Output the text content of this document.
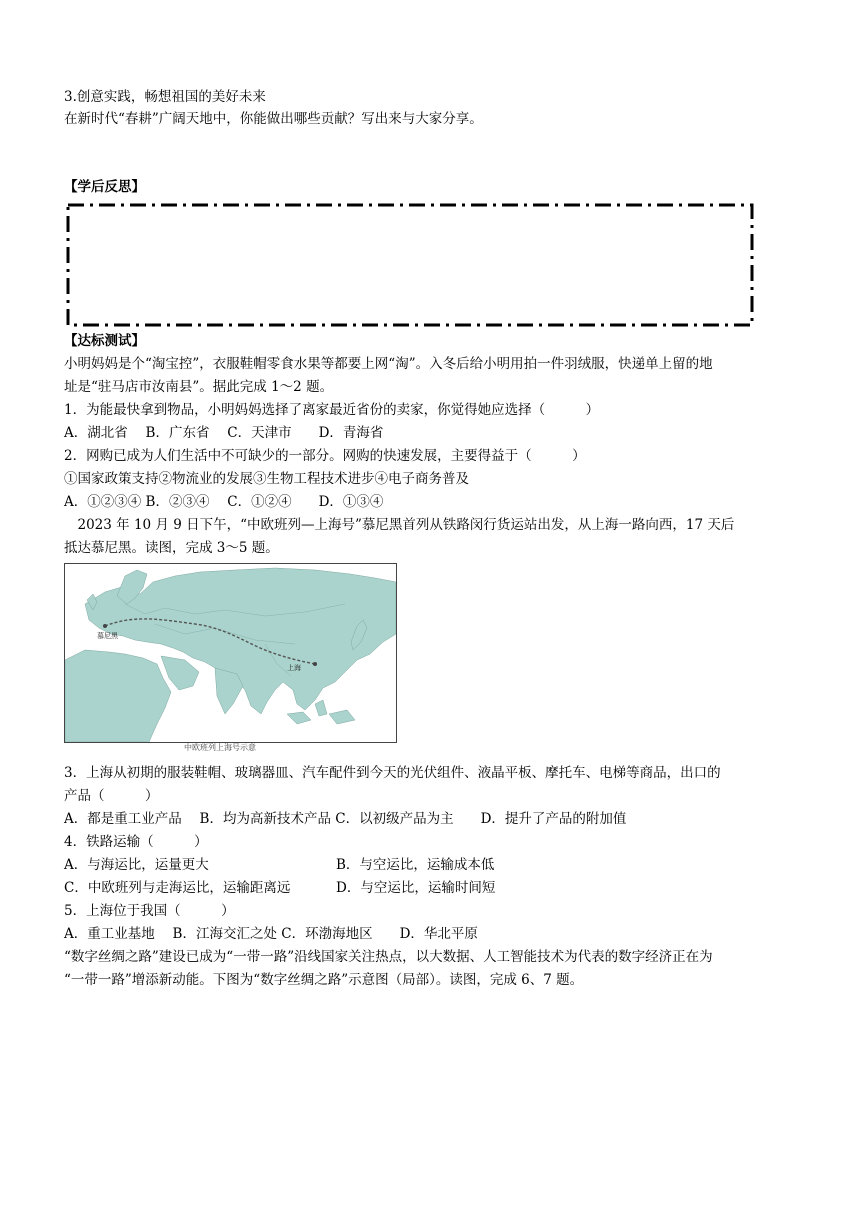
3.创意实践，畅想祖国的美好未来
在新时代“春耕”广阔天地中，你能做出哪些贡献？写出来与大家分享。
【学后反思】
【达标测试】
小明妈妈是个“淘宝控”，衣服鞋帽零食水果等都要上网“淘”。入冬后给小明用拍一件羽绒服，快递单上留的地
址是“驻马店市汝南县”。据此完成 1～2 题。
1．为能最快拿到物品，小明妈妈选择了离家最近省份的卖家，你觉得她应选择（　　　）
A．湖北省　 B．广东省　 C．天津市　　D．青海省
2．网购已成为人们生活中不可缺少的一部分。网购的快速发展，主要得益于（　　　）
①国家政策支持②物流业的发展③生物工程技术进步④电子商务普及
A．①②③④ B．②③④　 C．①②④　　D．①③④
　2023 年 10 月 9 日下午，“中欧班列—上海号”慕尼黑首列从铁路闵行货运站出发，从上海一路向西，17 天后
抵达慕尼黑。读图，完成 3～5 题。
慕尼黑
上海
中欧班列上海号示意
3．上海从初期的服装鞋帽、玻璃器皿、汽车配件到今天的光伏组件、液晶平板、摩托车、电梯等商品，出口的
产品（　　　）
A．都是重工业产品　 B．均为高新技术产品 C．以初级产品为主　　D．提升了产品的附加值
4．铁路运输（　　　）
A．与海运比，运量更大	B．与空运比，运输成本低
C．中欧班列与走海运比，运输距离远	D．与空运比，运输时间短
5．上海位于我国（　　　）
A．重工业基地　 B．江海交汇之处 C．环渤海地区　　D．华北平原
“数字丝绸之路”建设已成为“一带一路”沿线国家关注热点，以大数据、人工智能技术为代表的数字经济正在为
“一带一路”增添新动能。下图为“数字丝绸之路”示意图（局部）。读图，完成 6、7 题。
